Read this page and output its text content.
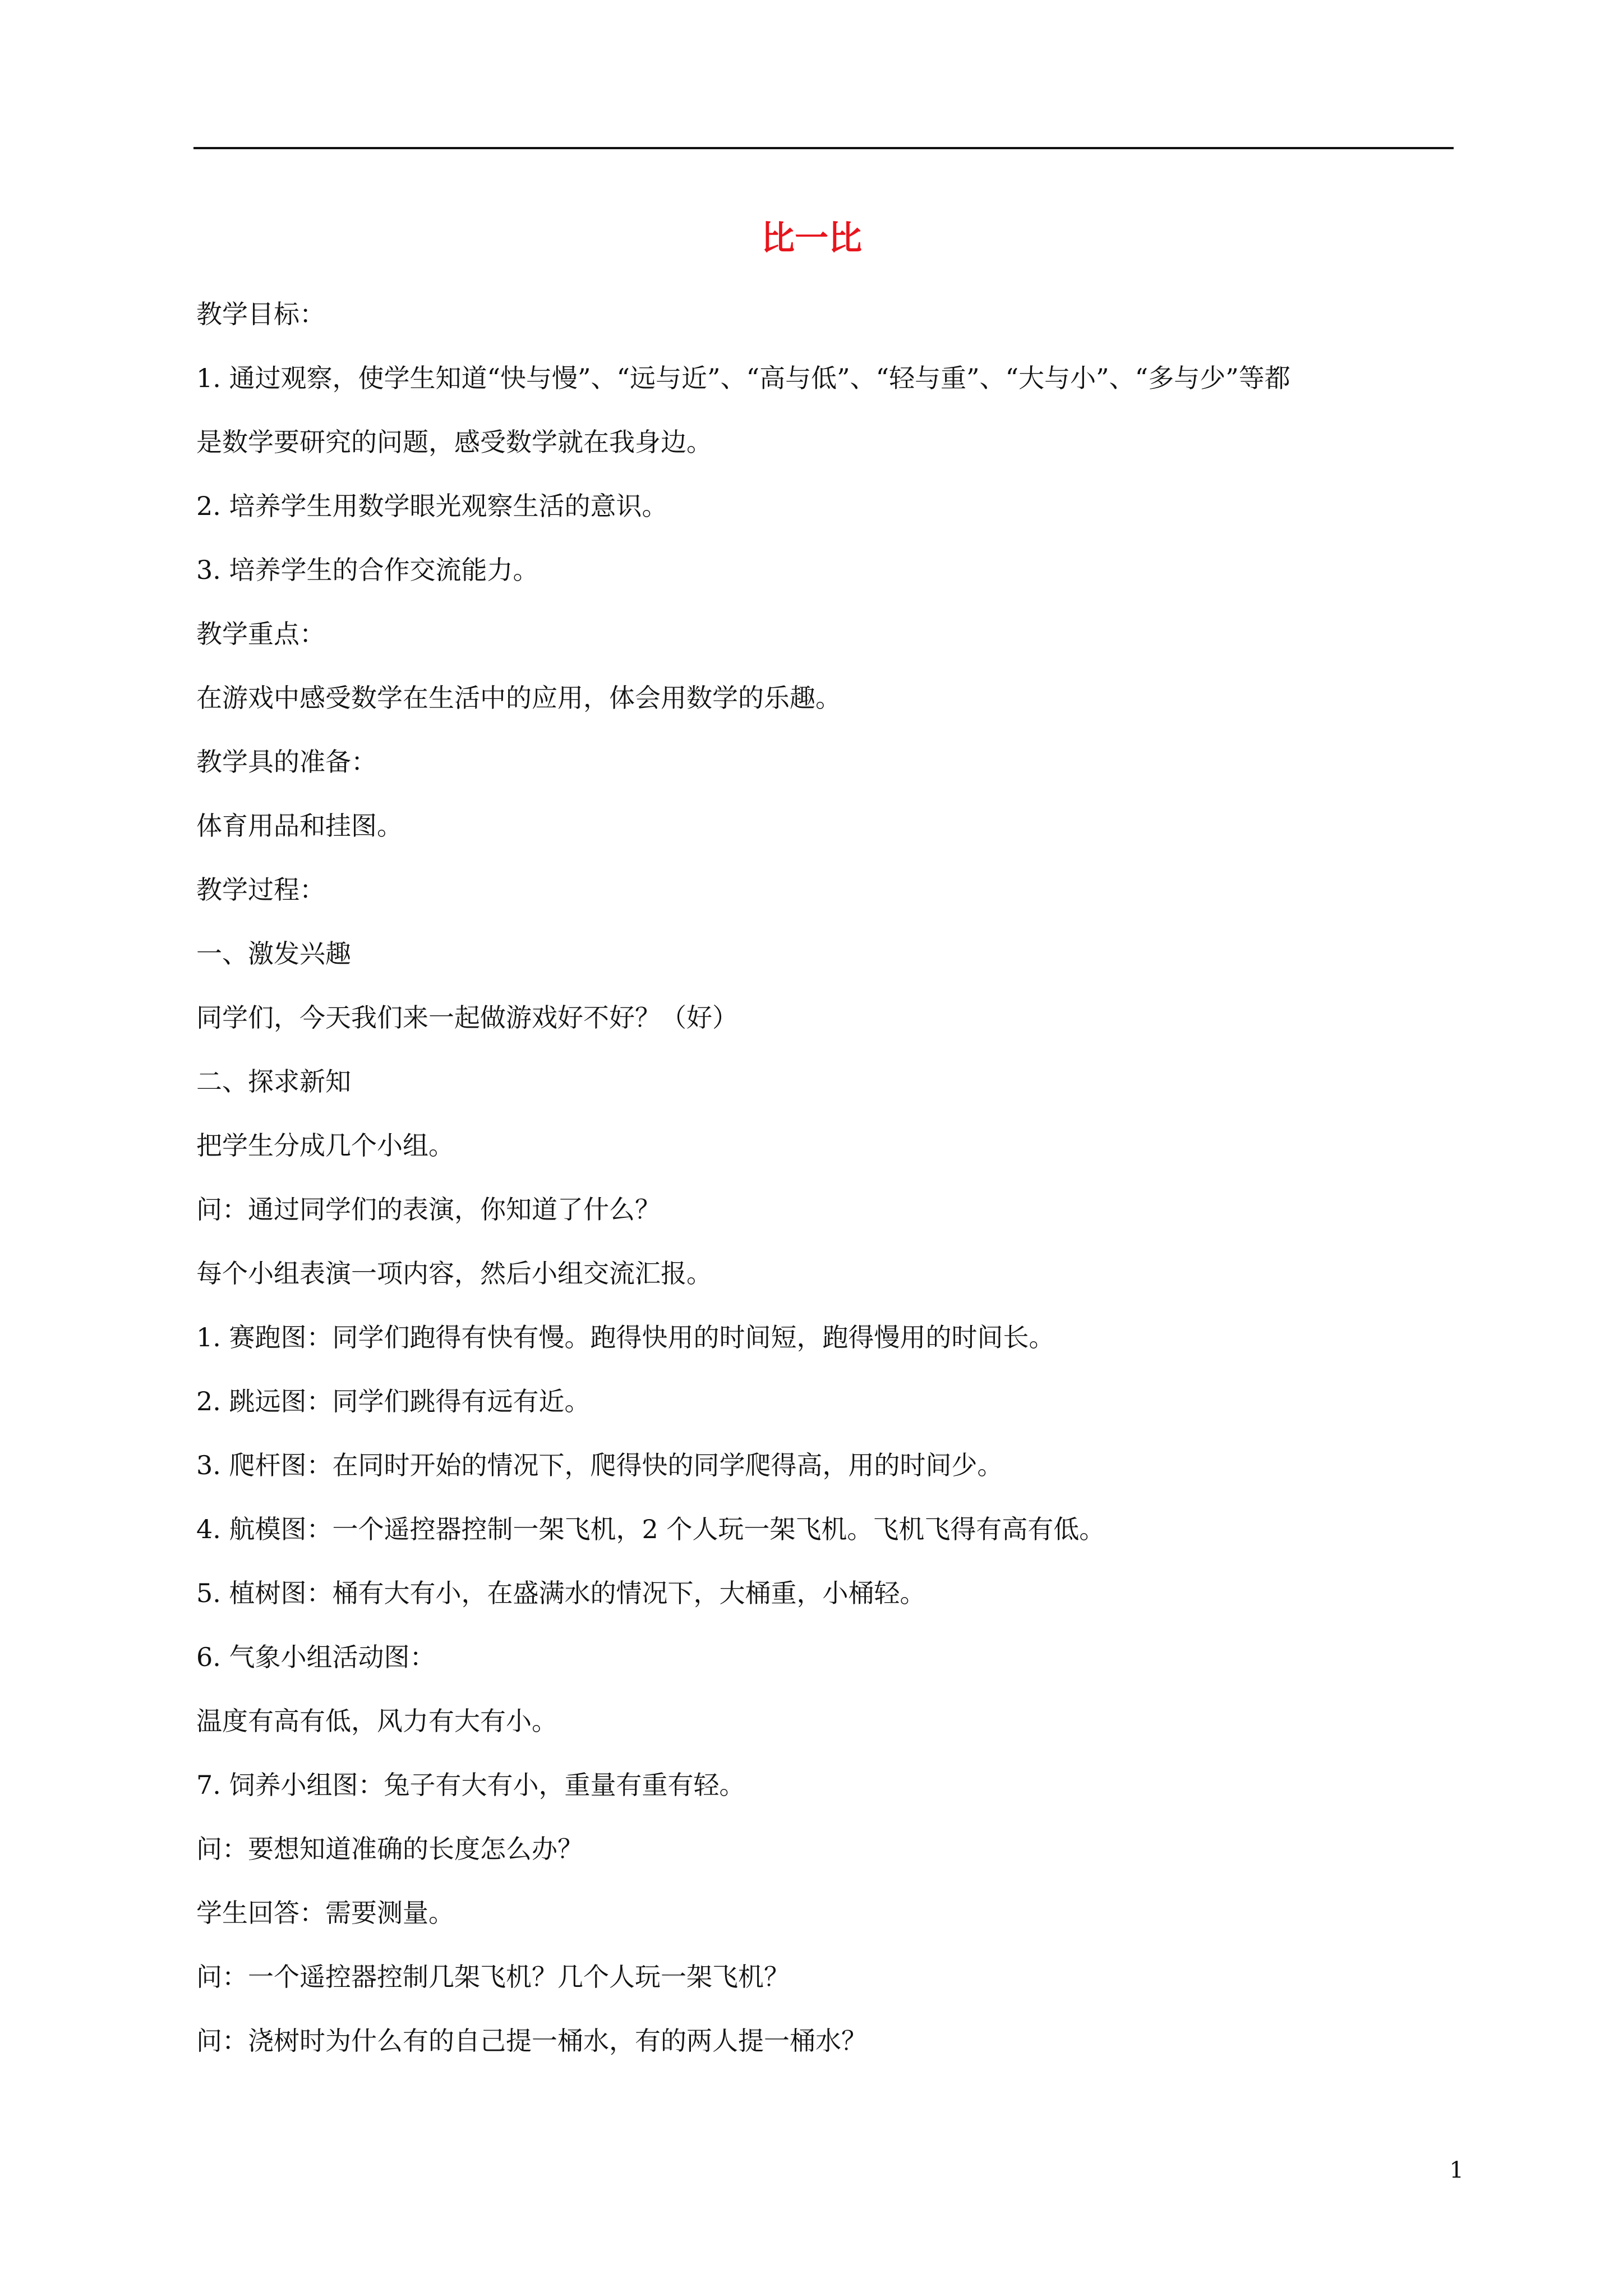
比一比

教学目标：

1. 通过观察，使学生知道“快与慢”、“远与近”、“高与低”、“轻与重”、“大与小”、“多与少”等都

是数学要研究的问题，感受数学就在我身边。

2. 培养学生用数学眼光观察生活的意识。

3. 培养学生的合作交流能力。

教学重点：

在游戏中感受数学在生活中的应用，体会用数学的乐趣。

教学具的准备：

体育用品和挂图。

教学过程：

一、激发兴趣

同学们，今天我们来一起做游戏好不好？（好）

二、探求新知

把学生分成几个小组。

问：通过同学们的表演，你知道了什么？

每个小组表演一项内容，然后小组交流汇报。

1. 赛跑图：同学们跑得有快有慢。跑得快用的时间短，跑得慢用的时间长。

2. 跳远图：同学们跳得有远有近。

3. 爬杆图：在同时开始的情况下，爬得快的同学爬得高，用的时间少。

4. 航模图：一个遥控器控制一架飞机，2 个人玩一架飞机。飞机飞得有高有低。

5. 植树图：桶有大有小，在盛满水的情况下，大桶重，小桶轻。

6. 气象小组活动图：

温度有高有低，风力有大有小。

7. 饲养小组图：兔子有大有小，重量有重有轻。

问：要想知道准确的长度怎么办？

学生回答：需要测量。

问：一个遥控器控制几架飞机？几个人玩一架飞机？

问：浇树时为什么有的自己提一桶水，有的两人提一桶水？

1
